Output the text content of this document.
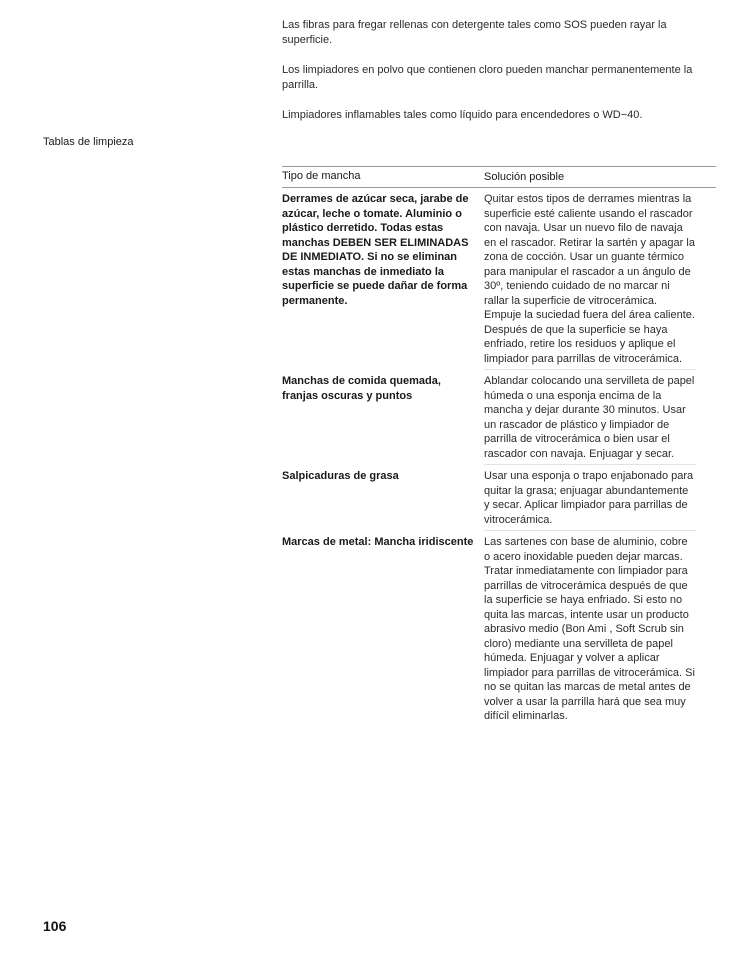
Las fibras para fregar rellenas con detergente tales como SOS pueden rayar la superficie.

Los limpiadores en polvo que contienen cloro pueden manchar permanentemente la parrilla.

Limpiadores inflamables tales como líquido para encendedores o WD−40.

Tablas de limpieza
Tipo de mancha	Solución posible
Derrames de azúcar seca, jarabe de azúcar, leche o tomate. Aluminio o plástico derretido. Todas estas manchas DEBEN SER ELIMINADAS DE INMEDIATO. Si no se eliminan estas manchas de inmediato la superficie se puede dañar de forma permanente.
Quitar estos tipos de derrames mientras la superficie esté caliente usando el rascador con navaja. Usar un nuevo filo de navaja en el rascador. Retirar la sartén y apagar la zona de cocción. Usar un guante térmico para manipular el rascador a un ángulo de 30º, teniendo cuidado de no marcar ni rallar la superficie de vitrocerámica. Empuje la suciedad fuera del área caliente. Después de que la superficie se haya enfriado, retire los residuos y aplique el limpiador para parrillas de vitrocerámica.
Manchas de comida quemada, franjas oscuras y puntos
Ablandar colocando una servilleta de papel húmeda o una esponja encima de la mancha y dejar durante 30 minutos. Usar un rascador de plástico y limpiador de parrilla de vitrocerámica o bien usar el rascador con navaja. Enjuagar y secar.
Salpicaduras de grasa	Usar una esponja o trapo enjabonado para quitar la grasa; enjuagar abundantemente y secar. Aplicar limpiador para parrillas de vitrocerámica.
Marcas de metal: Mancha iridiscente Las sartenes con base de aluminio, cobre o acero inoxidable pueden dejar marcas. Tratar inmediatamente con limpiador para parrillas de vitrocerámica después de que la superficie se haya enfriado. Si esto no quita las marcas, intente usar un producto abrasivo medio (Bon Ami , Soft Scrub sin cloro) mediante una servilleta de papel húmeda. Enjuagar y volver a aplicar limpiador para parrillas de vitrocerámica. Si no se quitan las marcas de metal antes de volver a usar la parrilla hará que sea muy difícil eliminarlas.
106
